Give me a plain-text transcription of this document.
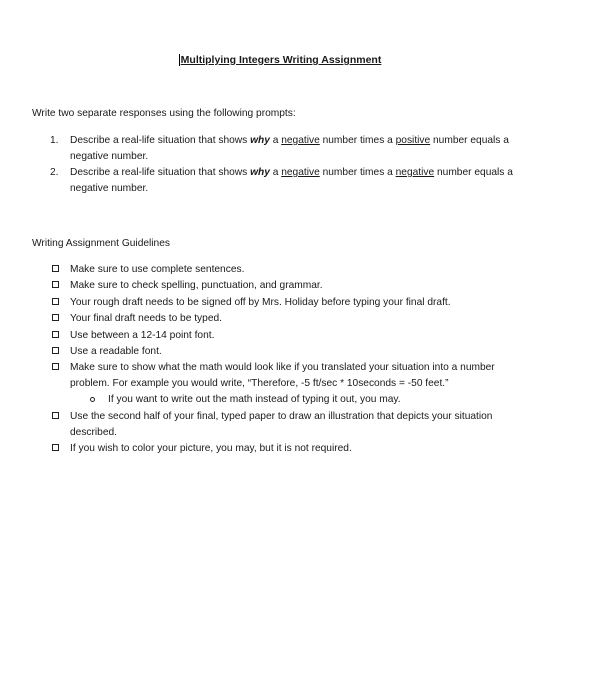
Multiplying Integers Writing Assignment
Write two separate responses using the following prompts:
1. Describe a real-life situation that shows why a negative number times a positive number equals a negative number.
2. Describe a real-life situation that shows why a negative number times a negative number equals a negative number.
Writing Assignment Guidelines
Make sure to use complete sentences.
Make sure to check spelling, punctuation, and grammar.
Your rough draft needs to be signed off by Mrs. Holiday before typing your final draft.
Your final draft needs to be typed.
Use between a 12-14 point font.
Use a readable font.
Make sure to show what the math would look like if you translated your situation into a number problem. For example you would write, “Therefore, -5 ft/sec * 10seconds = -50 feet.”
If you want to write out the math instead of typing it out, you may.
Use the second half of your final, typed paper to draw an illustration that depicts your situation described.
If you wish to color your picture, you may, but it is not required.
